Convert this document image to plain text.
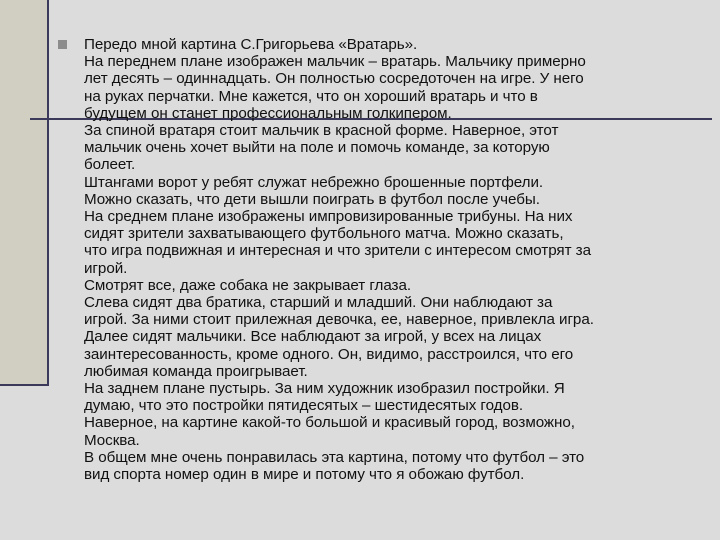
Передо мной картина С.Григорьева «Вратарь».
На переднем плане изображен мальчик – вратарь. Мальчику примерно
лет десять – одиннадцать. Он полностью сосредоточен на игре. У него
на руках перчатки. Мне кажется, что он хороший вратарь и что в
будущем он станет профессиональным голкипером.
За спиной вратаря стоит мальчик в красной форме. Наверное, этот
мальчик очень хочет выйти на поле и помочь команде, за которую
болеет.
Штангами ворот у ребят служат небрежно брошенные портфели.
Можно сказать, что дети вышли поиграть в футбол после учебы.
На среднем плане изображены импровизированные трибуны. На них
сидят зрители захватывающего футбольного матча. Можно сказать,
что игра подвижная и интересная и что зрители с интересом смотрят за
игрой.
Смотрят все, даже собака не закрывает глаза.
Слева сидят два братика, старший и младший. Они наблюдают за
игрой. За ними стоит прилежная девочка, ее, наверное, привлекла игра.
Далее сидят мальчики. Все наблюдают за игрой, у всех на лицах
заинтересованность, кроме одного. Он, видимо, расстроился, что его
любимая команда проигрывает.
На заднем плане пустырь. За ним художник изобразил постройки. Я
думаю, что это постройки пятидесятых – шестидесятых годов.
Наверное, на картине какой-то большой и красивый город, возможно,
Москва.
В общем мне очень понравилась эта картина, потому что футбол – это
вид спорта номер один в мире и потому что я обожаю футбол.
